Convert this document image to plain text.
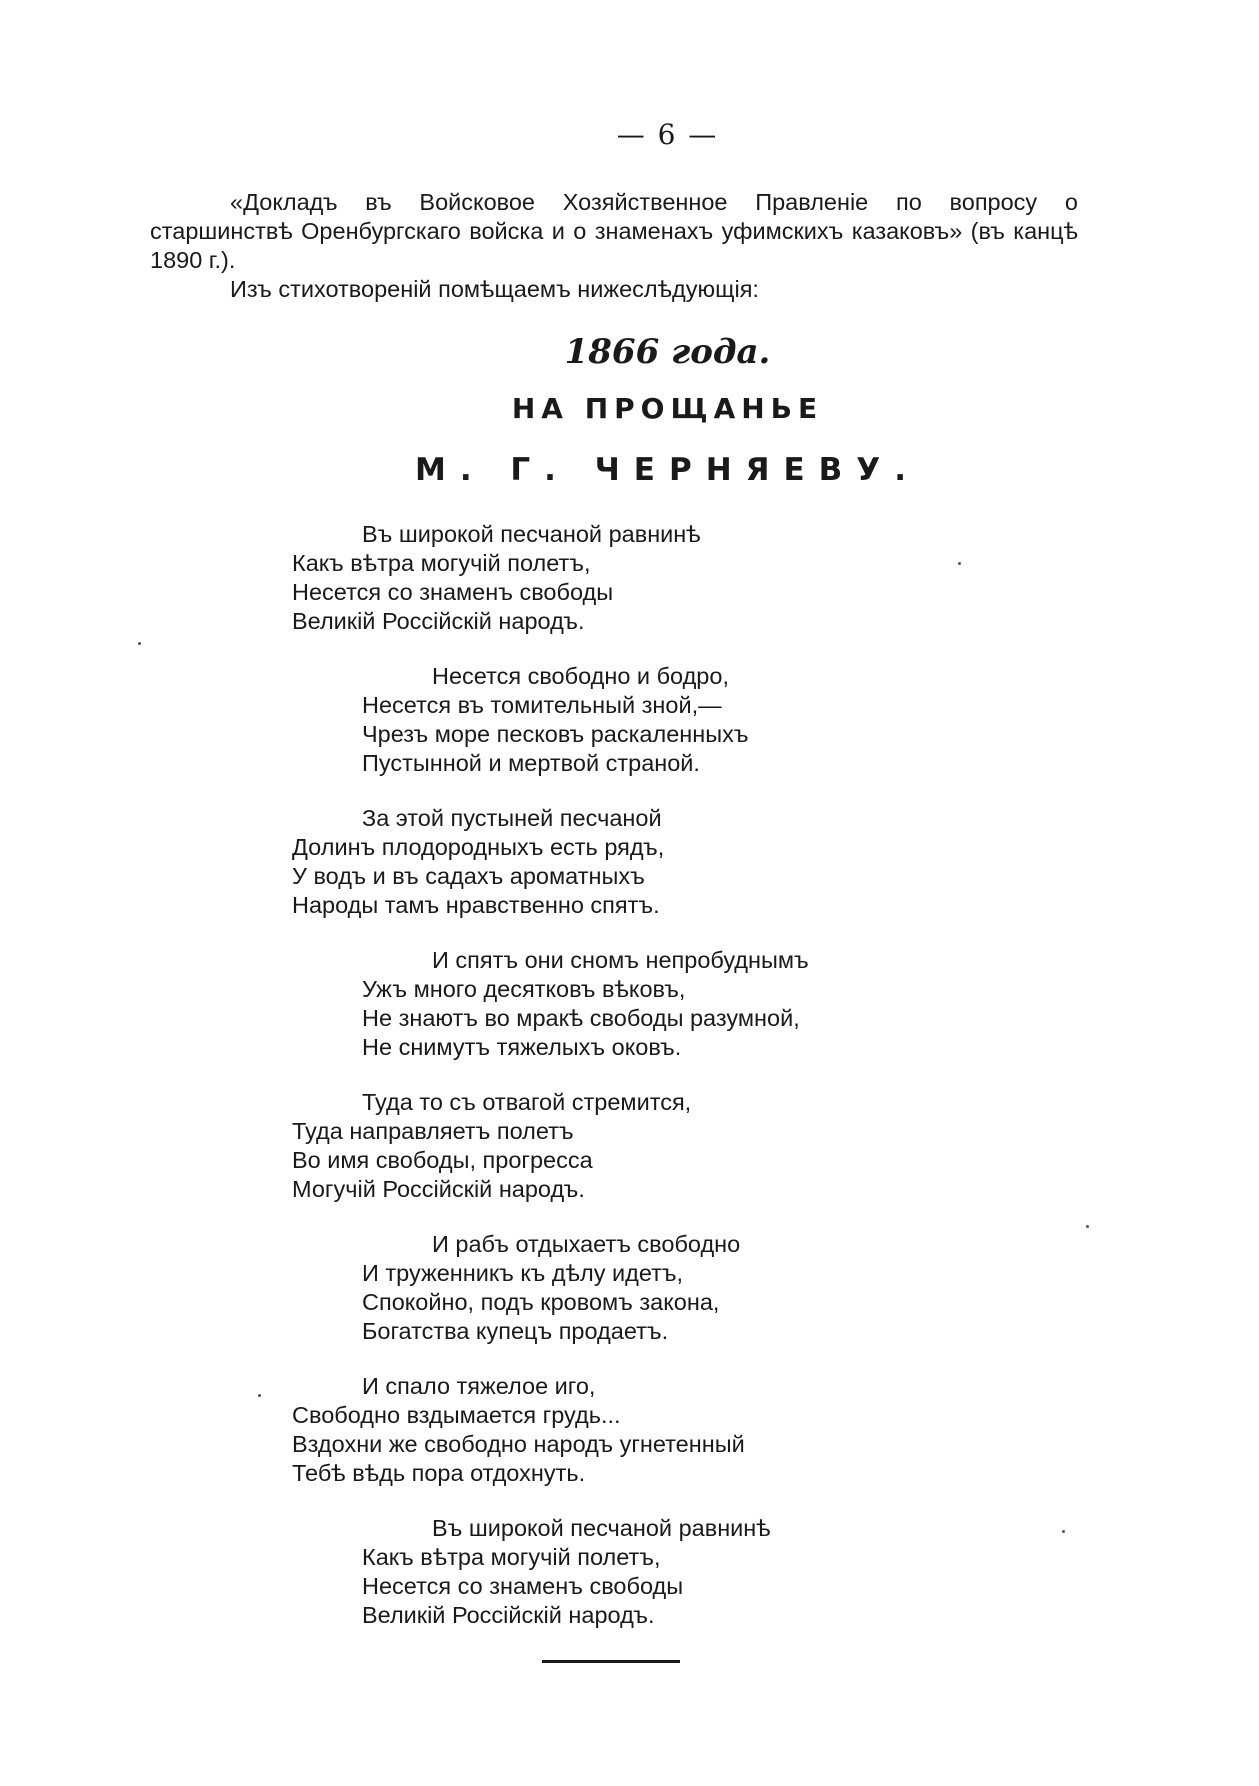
— 6 —

«Докладъ въ Войсковое Хозяйственное Правленіе по вопросу о старшинствѣ Оренбургскаго войска и о знаменахъ уфимскихъ казаковъ» (въ канцѣ 1890 г.).

Изъ стихотвореній помѣщаемъ нижеслѣдующія:

1866 года.
НА ПРОЩАНЬЕ
М. Г. ЧЕРНЯЕВУ.
Въ широкой песчаной равнинѣ
Какъ вѣтра могучій полетъ,
Несется со знаменъ свободы
Великій Россійскій народъ.
Несется свободно и бодро,
Несется въ томительный зной,—
Чрезъ море песковъ раскаленныхъ
Пустынной и мертвой страной.
За этой пустыней песчаной
Долинъ плодородныхъ есть рядъ,
У водъ и въ садахъ ароматныхъ
Народы тамъ нравственно спятъ.
И спятъ они сномъ непробуднымъ
Ужъ много десятковъ вѣковъ,
Не знаютъ во мракѣ свободы разумной,
Не снимутъ тяжелыхъ оковъ.
Туда то съ отвагой стремится,
Туда направляетъ полетъ
Во имя свободы, прогресса
Могучій Россійскій народъ.
И рабъ отдыхаетъ свободно
И труженникъ къ дѣлу идетъ,
Спокойно, подъ кровомъ закона,
Богатства купецъ продаетъ.
И спало тяжелое иго,
Свободно вздымается грудь...
Вздохни же свободно народъ угнетенный
Тебѣ вѣдь пора отдохнуть.
Въ широкой песчаной равнинѣ
Какъ вѣтра могучій полетъ,
Несется со знаменъ свободы
Великій Россійскій народъ.
